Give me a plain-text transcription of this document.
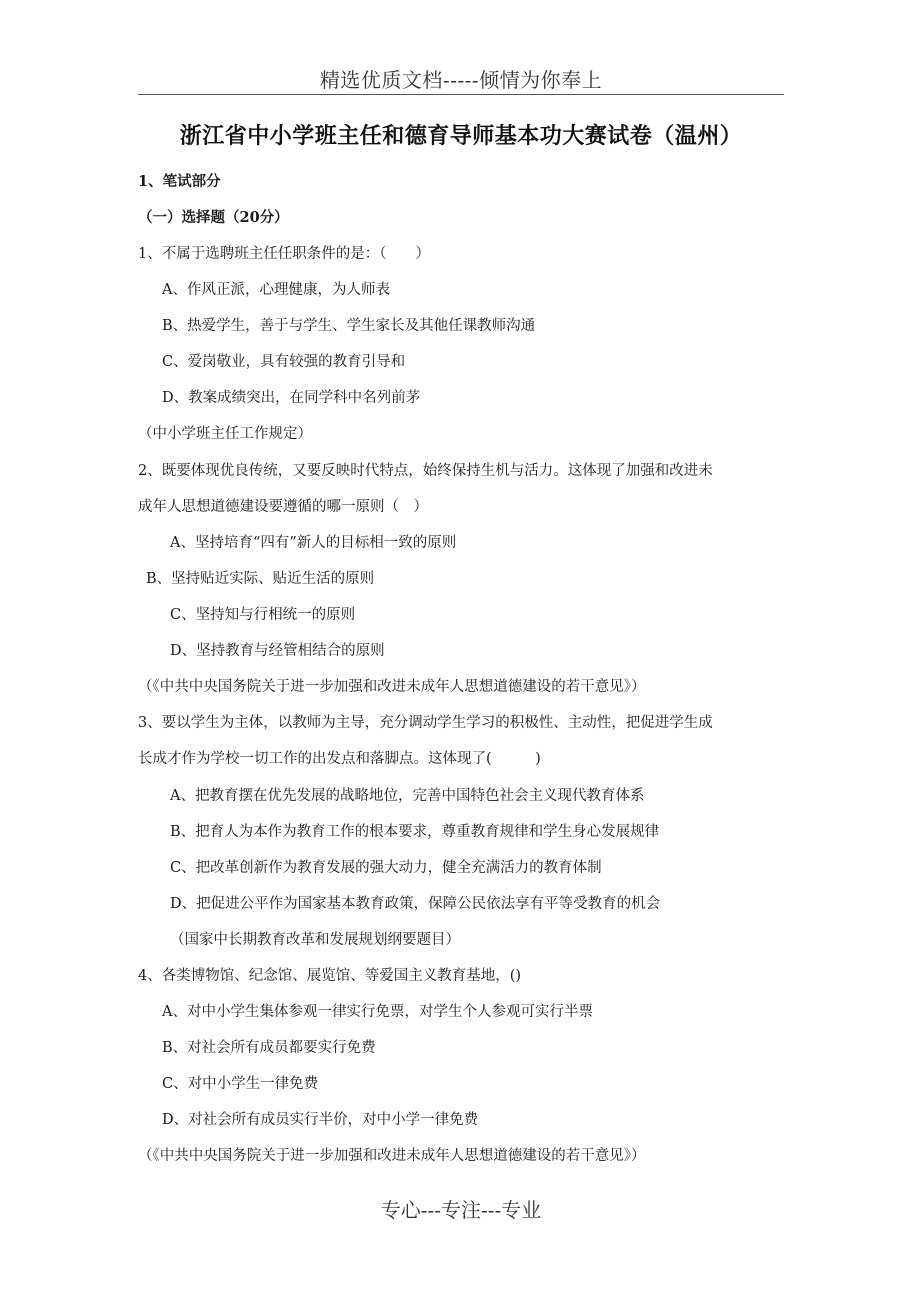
精选优质文档-----倾情为你奉上
浙江省中小学班主任和德育导师基本功大赛试卷（温州）
1、笔试部分
（一）选择题（20分）
1、不属于选聘班主任任职条件的是：（　　）
A、作风正派，心理健康，为人师表
B、热爱学生，善于与学生、学生家长及其他任课教师沟通
C、爱岗敬业，具有较强的教育引导和
D、教案成绩突出，在同学科中名列前茅
（中小学班主任工作规定）
2、既要体现优良传统，又要反映时代特点，始终保持生机与活力。这体现了加强和改进未
成年人思想道德建设要遵循的哪一原则（　）
A、坚持培育“四有”新人的目标相一致的原则
B、坚持贴近实际、贴近生活的原则
C、坚持知与行相统一的原则
D、坚持教育与经管相结合的原则
（《中共中央国务院关于进一步加强和改进未成年人思想道德建设的若干意见》）
3、要以学生为主体，以教师为主导，充分调动学生学习的积极性、主动性，把促进学生成
长成才作为学校一切工作的出发点和落脚点。这体现了(　　　)
A、把教育摆在优先发展的战略地位，完善中国特色社会主义现代教育体系
B、把育人为本作为教育工作的根本要求，尊重教育规律和学生身心发展规律
C、把改革创新作为教育发展的强大动力，健全充满活力的教育体制
D、把促进公平作为国家基本教育政策，保障公民依法享有平等受教育的机会
（国家中长期教育改革和发展规划纲要题目）
4、各类博物馆、纪念馆、展览馆、等爱国主义教育基地，()
A、对中小学生集体参观一律实行免票，对学生个人参观可实行半票
B、对社会所有成员都要实行免费
C、对中小学生一律免费
D、对社会所有成员实行半价，对中小学一律免费
（《中共中央国务院关于进一步加强和改进未成年人思想道德建设的若干意见》）
专心---专注---专业
